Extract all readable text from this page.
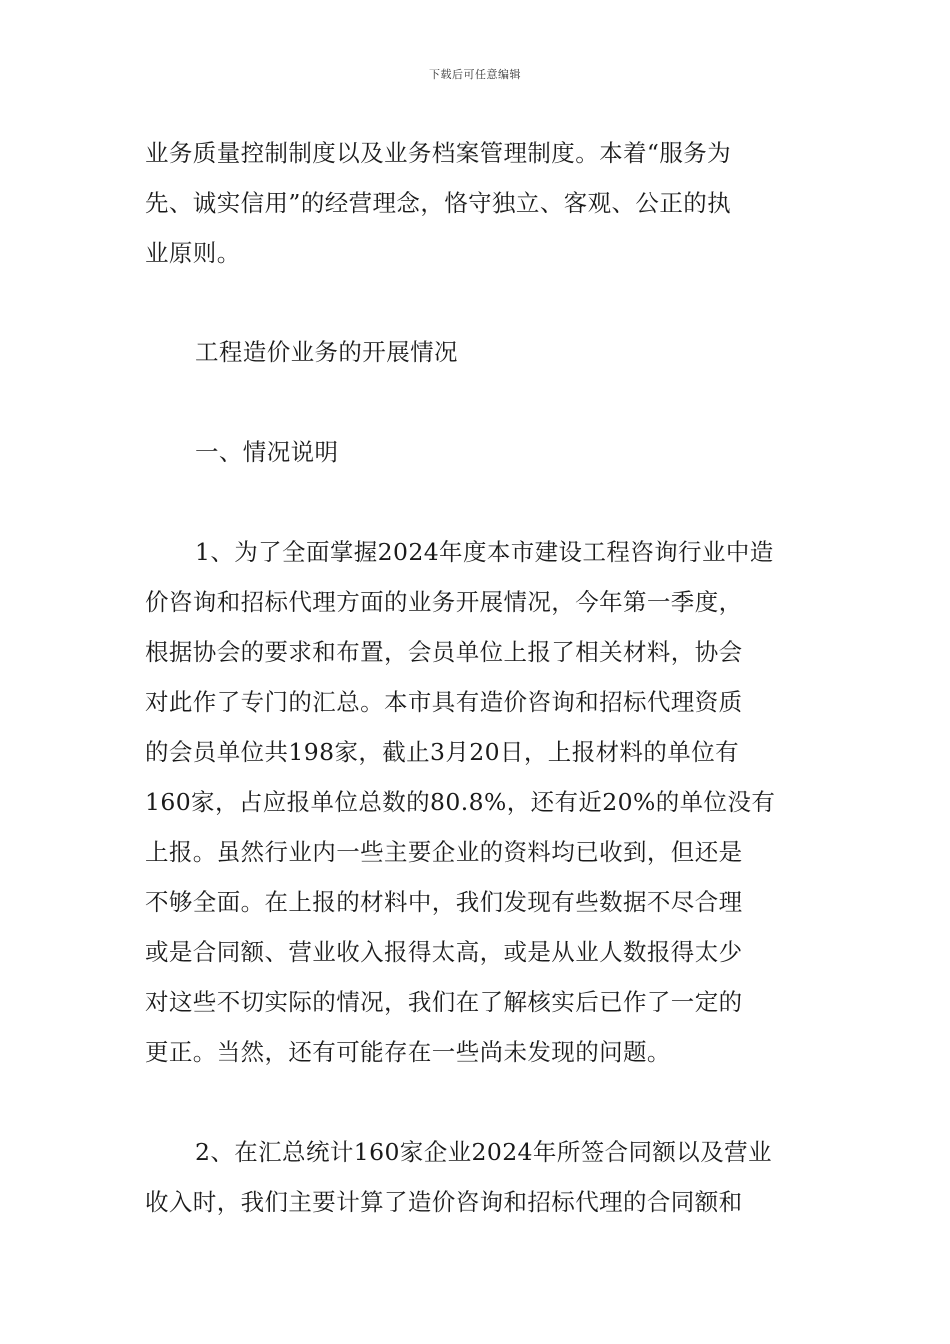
下载后可任意编辑
业务质量控制制度以及业务档案管理制度。本着“服务为
先、诚实信用”的经营理念，恪守独立、客观、公正的执
业原则。
工程造价业务的开展情况
一、情况说明
1、为了全面掌握2024年度本市建设工程咨询行业中造
价咨询和招标代理方面的业务开展情况，今年第一季度，
根据协会的要求和布置，会员单位上报了相关材料，协会
对此作了专门的汇总。本市具有造价咨询和招标代理资质
的会员单位共198家，截止3月20日，上报材料的单位有
160家，占应报单位总数的80.8%，还有近20%的单位没有
上报。虽然行业内一些主要企业的资料均已收到，但还是
不够全面。在上报的材料中，我们发现有些数据不尽合理
或是合同额、营业收入报得太高，或是从业人数报得太少
对这些不切实际的情况，我们在了解核实后已作了一定的
更正。当然，还有可能存在一些尚未发现的问题。
2、在汇总统计160家企业2024年所签合同额以及营业
收入时，我们主要计算了造价咨询和招标代理的合同额和
